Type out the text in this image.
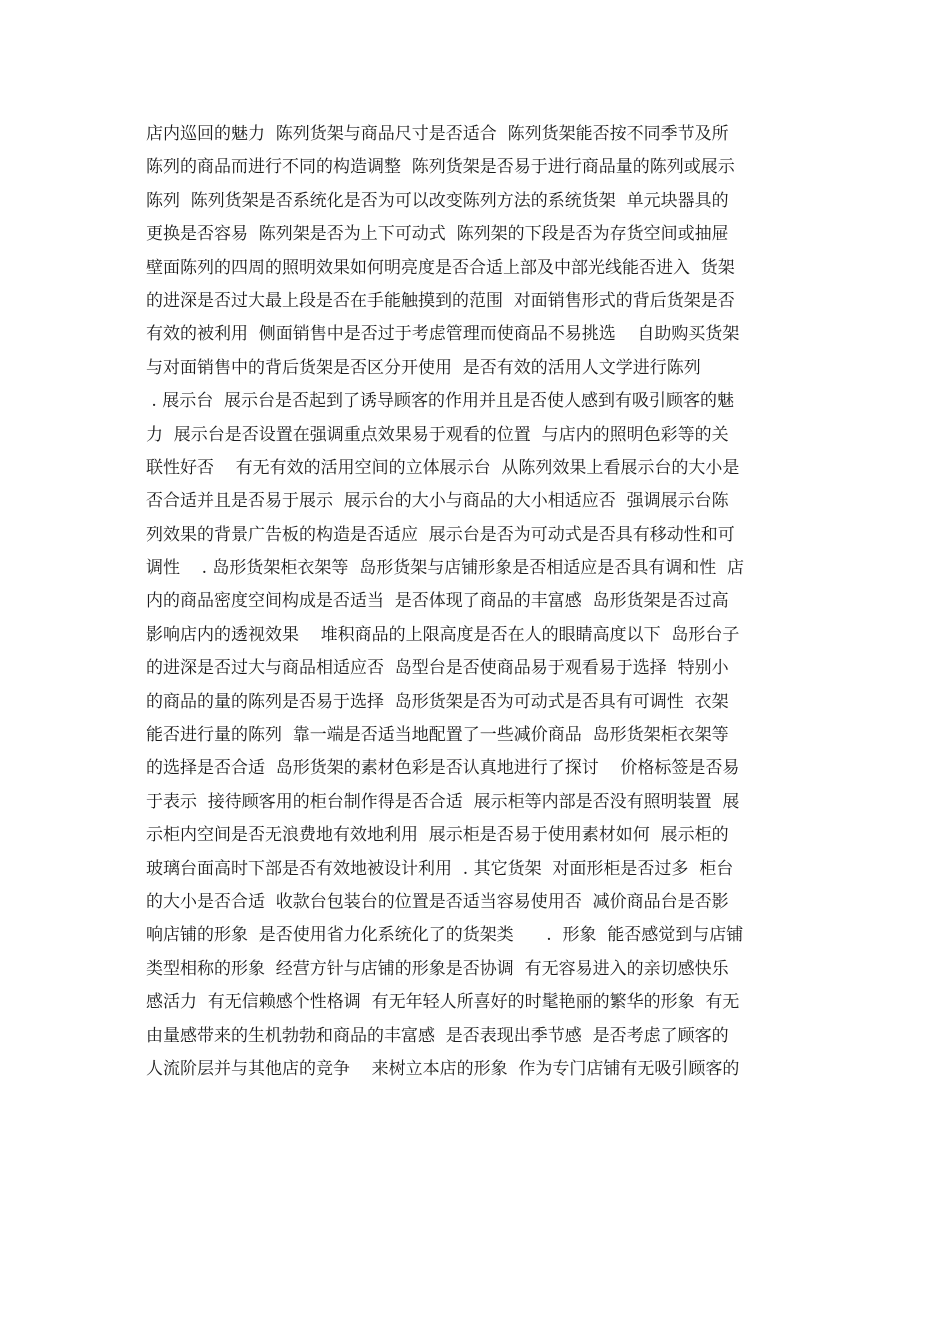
店内巡回的魅力  陈列货架与商品尺寸是否适合  陈列货架能否按不同季节及所
陈列的商品而进行不同的构造调整  陈列货架是否易于进行商品量的陈列或展示
陈列  陈列货架是否系统化是否为可以改变陈列方法的系统货架  单元块器具的
更换是否容易  陈列架是否为上下可动式  陈列架的下段是否为存货空间或抽屉
壁面陈列的四周的照明效果如何明亮度是否合适上部及中部光线能否进入  货架
的进深是否过大最上段是否在手能触摸到的范围  对面销售形式的背后货架是否
有效的被利用  侧面销售中是否过于考虑管理而使商品不易挑选    自助购买货架
与对面销售中的背后货架是否区分开使用  是否有效的活用人文学进行陈列
. 展示台  展示台是否起到了诱导顾客的作用并且是否使人感到有吸引顾客的魅
力  展示台是否设置在强调重点效果易于观看的位置  与店内的照明色彩等的关
联性好否    有无有效的活用空间的立体展示台  从陈列效果上看展示台的大小是
否合适并且是否易于展示  展示台的大小与商品的大小相适应否  强调展示台陈
列效果的背景广告板的构造是否适应  展示台是否为可动式是否具有移动性和可
调性    . 岛形货架柜衣架等  岛形货架与店铺形象是否相适应是否具有调和性  店
内的商品密度空间构成是否适当  是否体现了商品的丰富感  岛形货架是否过高
影响店内的透视效果    堆积商品的上限高度是否在人的眼睛高度以下  岛形台子
的进深是否过大与商品相适应否  岛型台是否使商品易于观看易于选择  特别小
的商品的量的陈列是否易于选择  岛形货架是否为可动式是否具有可调性  衣架
能否进行量的陈列  靠一端是否适当地配置了一些减价商品  岛形货架柜衣架等
的选择是否合适  岛形货架的素材色彩是否认真地进行了探讨    价格标签是否易
于表示  接待顾客用的柜台制作得是否合适  展示柜等内部是否没有照明装置  展
示柜内空间是否无浪费地有效地利用  展示柜是否易于使用素材如何  展示柜的
玻璃台面高时下部是否有效地被设计利用  . 其它货架  对面形柜是否过多  柜台
的大小是否合适  收款台包装台的位置是否适当容易使用否  减价商品台是否影
响店铺的形象  是否使用省力化系统化了的货架类      .  形象  能否感觉到与店铺
类型相称的形象  经营方针与店铺的形象是否协调  有无容易进入的亲切感快乐
感活力  有无信赖感个性格调  有无年轻人所喜好的时髦艳丽的繁华的形象  有无
由量感带来的生机勃勃和商品的丰富感  是否表现出季节感  是否考虑了顾客的
人流阶层并与其他店的竞争    来树立本店的形象  作为专门店铺有无吸引顾客的
